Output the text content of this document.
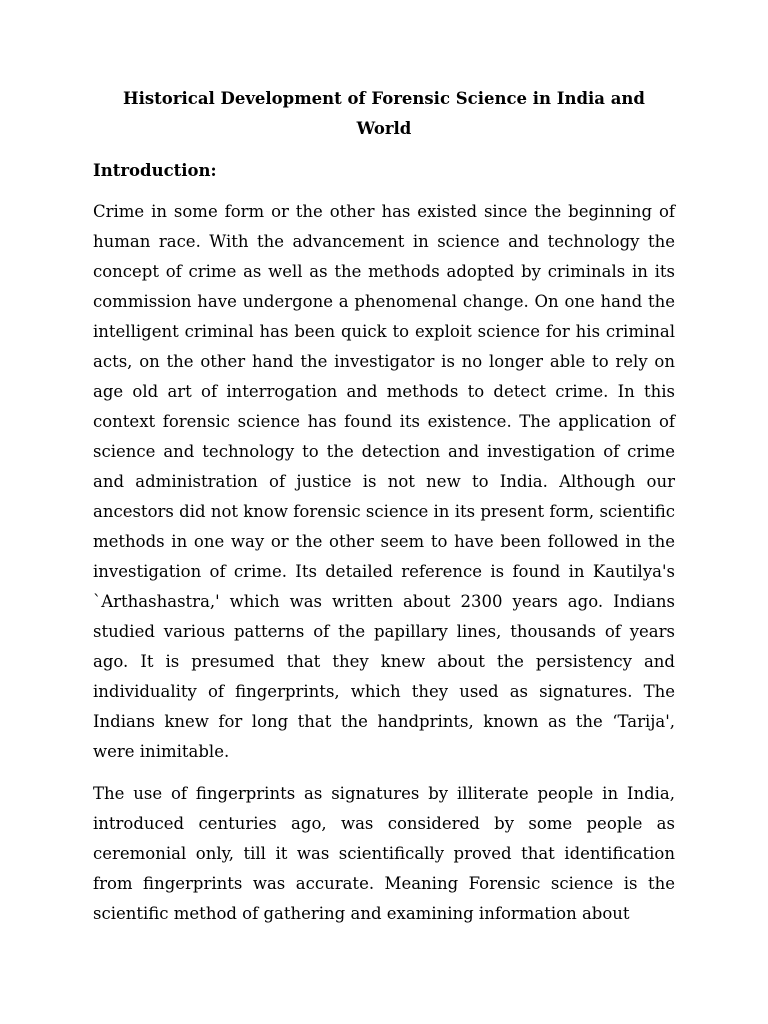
Historical Development of Forensic Science in India and World
Introduction:

Crime in some form or the other has existed since the beginning of human race. With the advancement in science and technology the concept of crime as well as the methods adopted by criminals in its commission have undergone a phenomenal change. On one hand the intelligent criminal has been quick to exploit science for his criminal acts, on the other hand the investigator is no longer able to rely on age old art of interrogation and methods to detect crime. In this context forensic science has found its existence. The application of science and technology to the detection and investigation of crime and administration of justice is not new to India. Although our ancestors did not know forensic science in its present form, scientific methods in one way or the other seem to have been followed in the investigation of crime. Its detailed reference is found in Kautilya's `Arthashastra,' which was written about 2300 years ago. Indians studied various patterns of the papillary lines, thousands of years ago. It is presumed that they knew about the persistency and individuality of fingerprints, which they used as signatures. The Indians knew for long that the handprints, known as the ‘Tarija', were inimitable.

The use of fingerprints as signatures by illiterate people in India, introduced centuries ago, was considered by some people as ceremonial only, till it was scientifically proved that identification from fingerprints was accurate. Meaning Forensic science is the scientific method of gathering and examining information about
